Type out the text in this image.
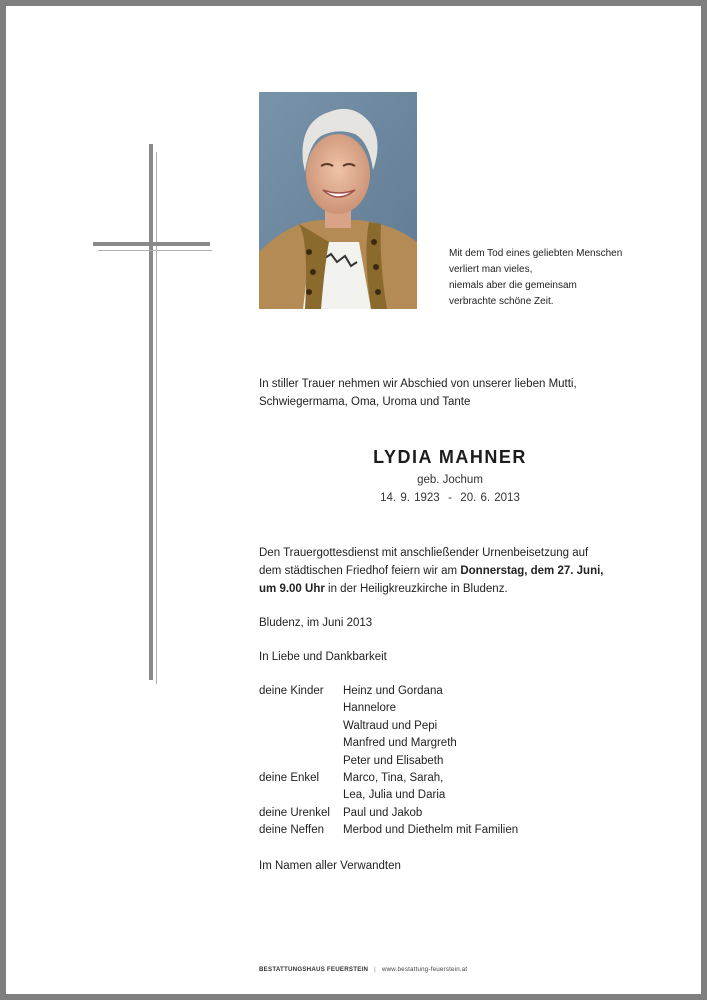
Mit dem Tod eines geliebten Menschen
verliert man vieles,
niemals aber die gemeinsam
verbrachte schöne Zeit.
In stiller Trauer nehmen wir Abschied von unserer lieben Mutti,
Schwiegermama, Oma, Uroma und Tante
LYDIA MAHNER
geb. Jochum
14. 9. 1923  -  20. 6. 2013
Den Trauergottesdienst mit anschließender Urnenbeisetzung auf
dem städtischen Friedhof feiern wir am Donnerstag, dem 27. Juni,
um 9.00 Uhr in der Heiligkreuzkirche in Bludenz.
Bludenz, im Juni 2013
In Liebe und Dankbarkeit
deine Kinder	Heinz und Gordana
Hannelore
Waltraud und Pepi
Manfred und Margreth
Peter und Elisabeth
deine Enkel	Marco, Tina, Sarah,
Lea, Julia und Daria
deine Urenkel	Paul und Jakob
deine Neffen	Merbod und Diethelm mit Familien
Im Namen aller Verwandten
BESTATTUNGSHAUS FEUERSTEIN | www.bestattung-feuerstein.at
